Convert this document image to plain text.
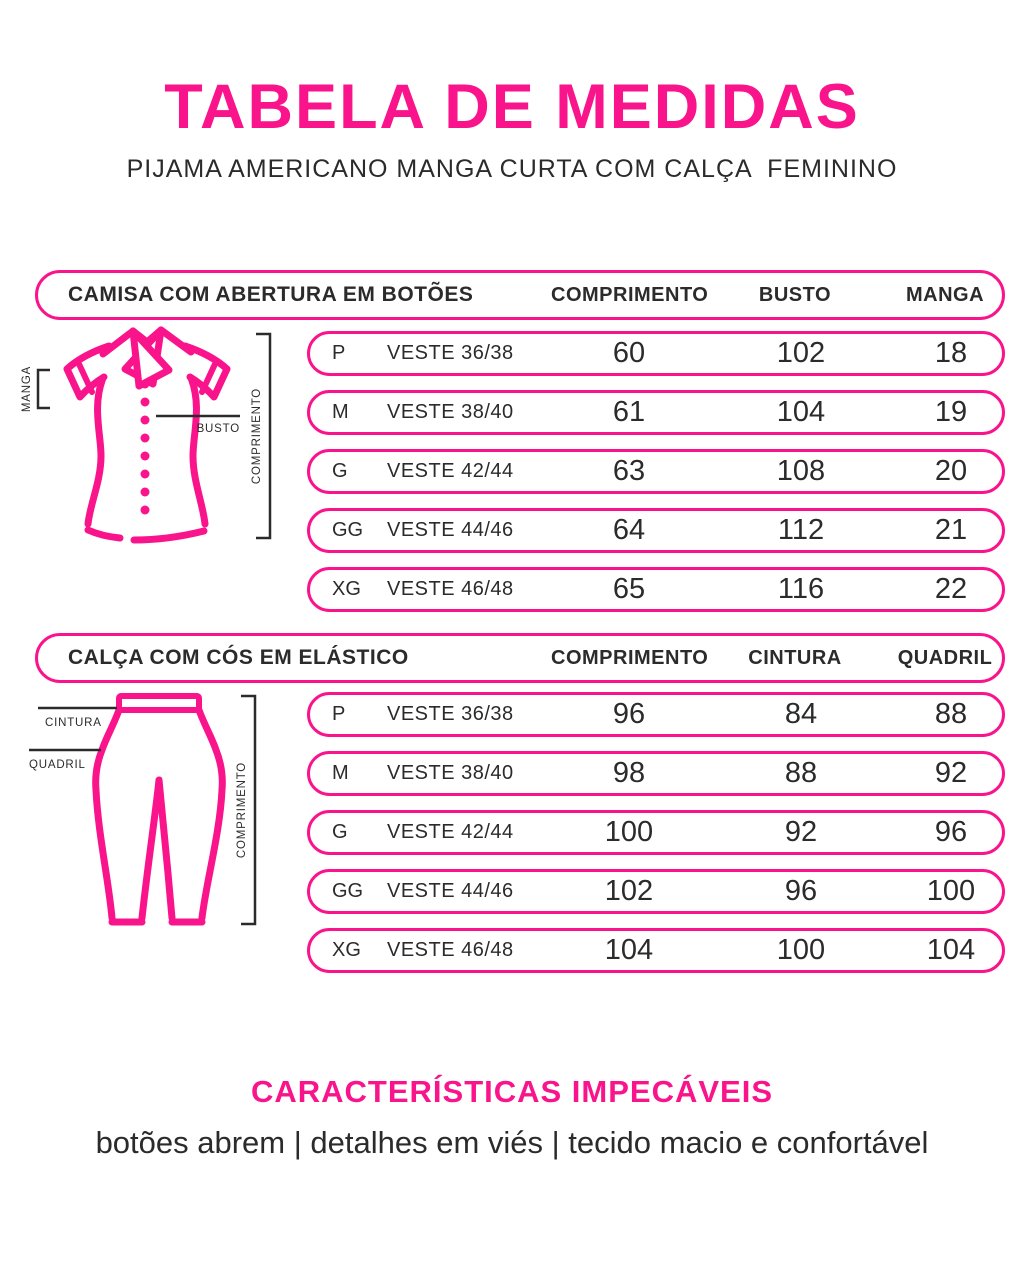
TABELA DE MEDIDAS
PIJAMA AMERICANO MANGA CURTA COM CALÇA  FEMININO
CAMISA COM ABERTURA EM BOTÕES	COMPRIMENTO	BUSTO	MANGA
P	VESTE 36/38	60	102	18
M	VESTE 38/40	61	104	19
G	VESTE 42/44	63	108	20
GG	VESTE 44/46	64	112	21
XG	VESTE 46/48	65	116	22
MANGA
BUSTO COMPRIMENTO
CALÇA COM CÓS EM ELÁSTICO	COMPRIMENTO	CINTURA	QUADRIL
P	VESTE 36/38	96	84	88
M	VESTE 38/40	98	88	92
G	VESTE 42/44	100	92	96
GG	VESTE 44/46	102	96	100
XG	VESTE 46/48	104	100	104
CINTURA
QUADRIL	COMPRIMENTO
CARACTERÍSTICAS IMPECÁVEIS
botões abrem | detalhes em viés | tecido macio e confortável
